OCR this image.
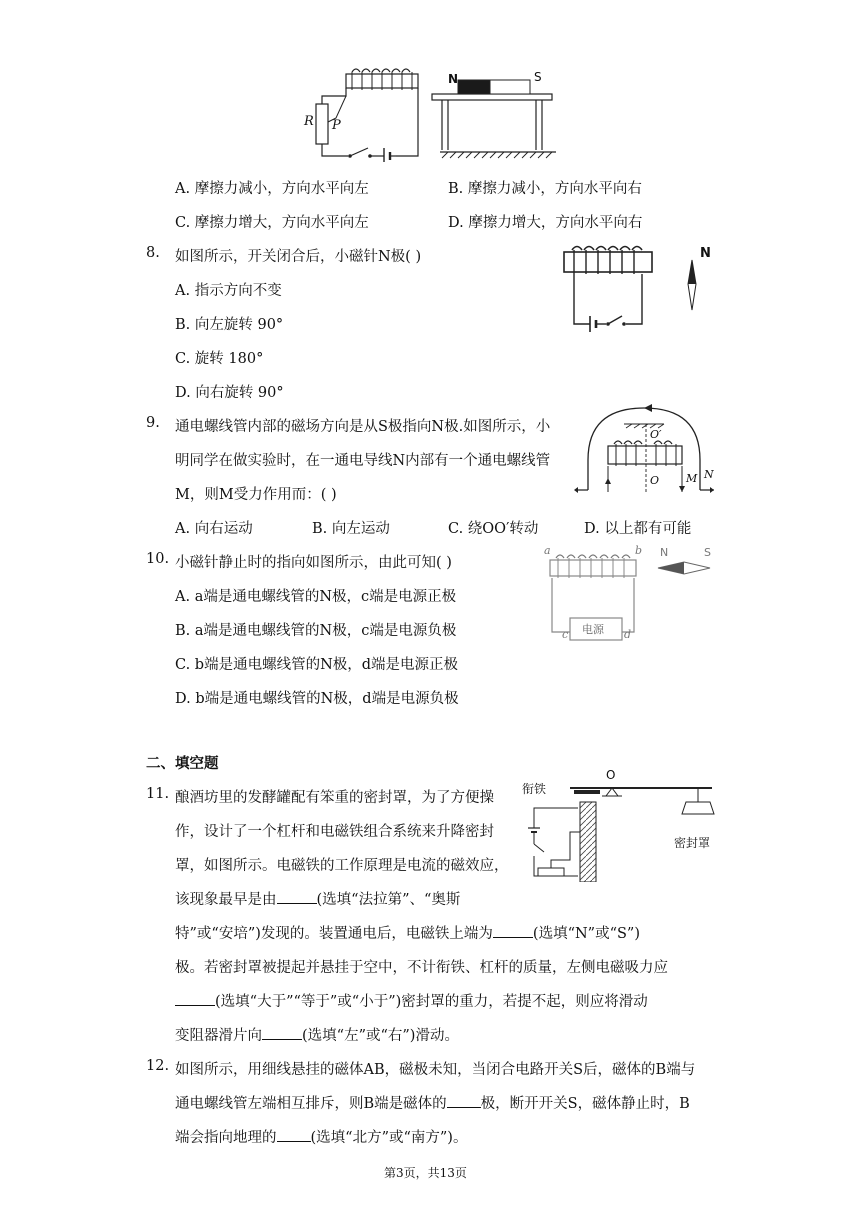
N	S
R P
A. 摩擦力减小，方向水平向左	B. 摩擦力减小，方向水平向右
C. 摩擦力增大，方向水平向左	D. 摩擦力增大，方向水平向右
8. 如图所示，开关闭合后，小磁针N极( )
A. 指示方向不变
B. 向左旋转 90°
C. 旋转 180°
D. 向右旋转 90°
N
9. 通电螺线管内部的磁场方向是从S极指向N极.如图所示，小
明同学在做实验时，在一通电导线N内部有一个通电螺线管
M，则M受力作用而：( )
A. 向右运动	B. 向左运动	C. 绕OO′转动	D. 以上都有可能
O′
O	N
M
10. 小磁针静止时的指向如图所示，由此可知( )
A. a端是通电螺线管的N极，c端是电源正极
B. a端是通电螺线管的N极，c端是电源负极
C. b端是通电螺线管的N极，d端是电源正极
D. b端是通电螺线管的N极，d端是电源负极
a	b
c	d
电源
N	S
二、填空题
11. 酿酒坊里的发酵罐配有笨重的密封罩，为了方便操
作，设计了一个杠杆和电磁铁组合系统来升降密封
罩，如图所示。电磁铁的工作原理是电流的磁效应，
该现象最早是由	(选填“法拉第”、“奥斯
特”或“安培”)发现的。装置通电后，电磁铁上端为	(选填“N”或“S”)
极。若密封罩被提起并悬挂于空中，不计衔铁、杠杆的质量，左侧电磁吸力应
(选填“大于”“等于”或“小于”)密封罩的重力，若提不起，则应将滑动
变阻器滑片向	(选填“左”或“右”)滑动。
O
衔铁
密封罩
12. 如图所示，用细线悬挂的磁体AB，磁极未知，当闭合电路开关S后，磁体的B端与
通电螺线管左端相互排斥，则B端是磁体的 极，断开开关S，磁体静止时，B
端会指向地理的 (选填“北方”或“南方”)。
第3页，共13页
